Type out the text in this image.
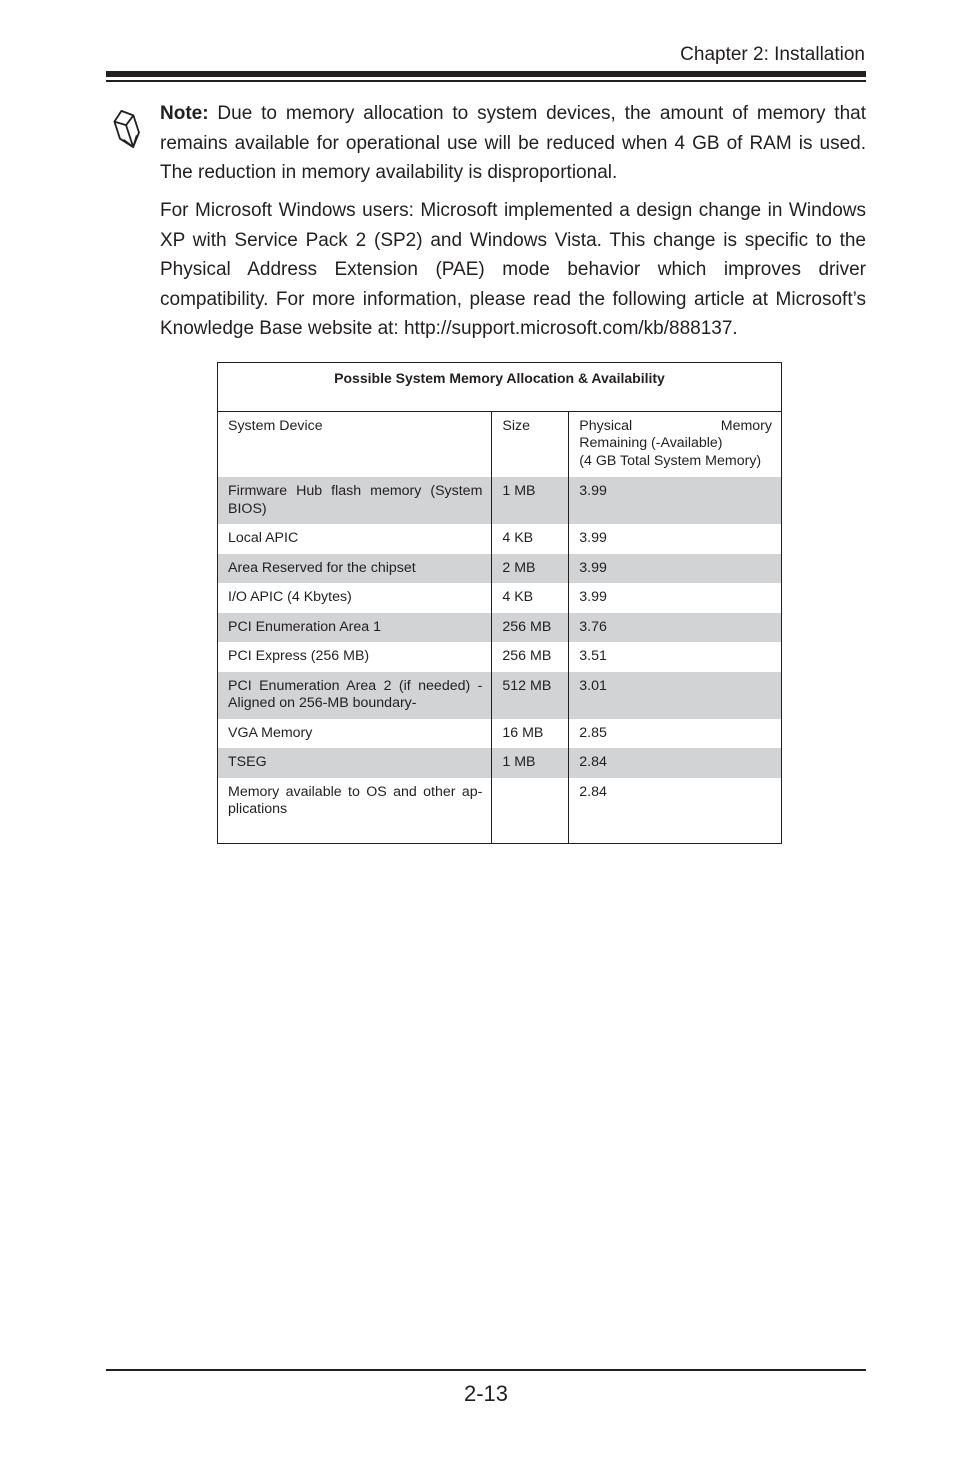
Chapter 2: Installation

Note: Due to memory allocation to system devices, the amount of memory that remains available for operational use will be reduced when 4 GB of RAM is used. The reduction in memory availability is disproportional.

For Microsoft Windows users: Microsoft implemented a design change in Windows XP with Service Pack 2 (SP2) and Windows Vista. This change is specific to the Physical Address Extension (PAE) mode behavior which improves driver compatibility. For more information, please read the following article at Microsoft’s Knowledge Base website at: http://support.microsoft.com/kb/888137.

Possible System Memory Allocation & Availability		
System Device	Size	Physical Memory
Remaining (-Available)
(4 GB Total System Memory)

Firmware Hub flash memory (System BIOS)	1 MB	3.99
Local APIC	4 KB	3.99
Area Reserved for the chipset	2 MB	3.99
I/O APIC (4 Kbytes)	4 KB	3.99
PCI Enumeration Area 1	256 MB	3.76
PCI Express (256 MB)	256 MB	3.51
PCI Enumeration Area 2 (if needed) -Aligned on 256-MB boundary-	512 MB	3.01
VGA Memory	16 MB	2.85
TSEG	1 MB	2.84
Memory available to OS and other ap- plications		2.84
2-13
